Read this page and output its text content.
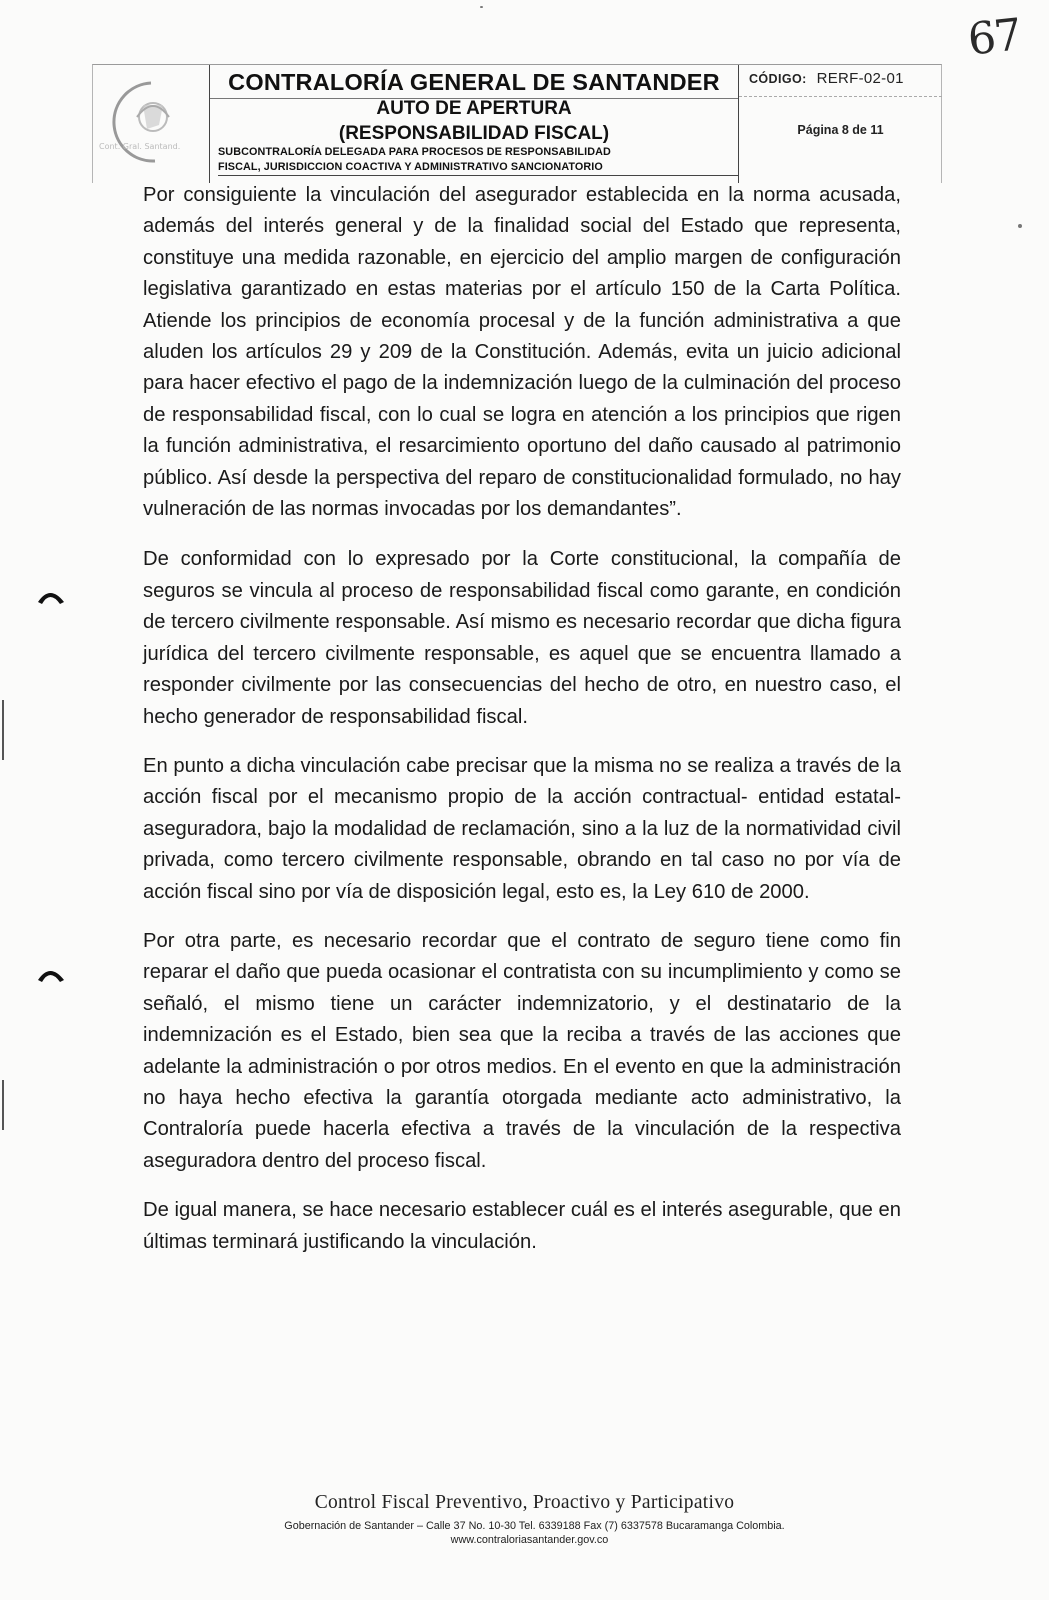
67
Cont. Gral. Santand.
CONTRALORÍA GENERAL DE SANTANDER
AUTO DE APERTURA
(RESPONSABILIDAD FISCAL)
SUBCONTRALORÍA DELEGADA PARA PROCESOS DE RESPONSABILIDAD
FISCAL, JURISDICCION COACTIVA Y ADMINISTRATIVO SANCIONATORIO
CÓDIGO: RERF-02-01
Página 8 de 11

Por consiguiente la vinculación del asegurador establecida en la norma acusada, además del interés general y de la finalidad social del Estado que representa, constituye una medida razonable, en ejercicio del amplio margen de configuración legislativa garantizado en estas materias por el artículo 150 de la Carta Política. Atiende los principios de economía procesal y de la función administrativa a que aluden los artículos 29 y 209 de la Constitución. Además, evita un juicio adicional para hacer efectivo el pago de la indemnización luego de la culminación del proceso de responsabilidad fiscal, con lo cual se logra en atención a los principios que rigen la función administrativa, el resarcimiento oportuno del daño causado al patrimonio público. Así desde la perspectiva del reparo de constitucionalidad formulado, no hay vulneración de las normas invocadas por los demandantes”.

De conformidad con lo expresado por la Corte constitucional, la compañía de seguros se vincula al proceso de responsabilidad fiscal como garante, en condición de tercero civilmente responsable. Así mismo es necesario recordar que dicha figura jurídica del tercero civilmente responsable, es aquel que se encuentra llamado a responder civilmente por las consecuencias del hecho de otro, en nuestro caso, el hecho generador de responsabilidad fiscal.

En punto a dicha vinculación cabe precisar que la misma no se realiza a través de la acción fiscal por el mecanismo propio de la acción contractual- entidad estatal- aseguradora, bajo la modalidad de reclamación, sino a la luz de la normatividad civil privada, como tercero civilmente responsable, obrando en tal caso no por vía de acción fiscal sino por vía de disposición legal, esto es, la Ley 610 de 2000.

Por otra parte, es necesario recordar que el contrato de seguro tiene como fin reparar el daño que pueda ocasionar el contratista con su incumplimiento y como se señaló, el mismo tiene un carácter indemnizatorio, y el destinatario de la indemnización es el Estado, bien sea que la reciba a través de las acciones que adelante la administración o por otros medios. En el evento en que la administración no haya hecho efectiva la garantía otorgada mediante acto administrativo, la Contraloría puede hacerla efectiva a través de la vinculación de la respectiva aseguradora dentro del proceso fiscal.

De igual manera, se hace necesario establecer cuál es el interés asegurable, que en últimas terminará justificando la vinculación.

Control Fiscal Preventivo, Proactivo y Participativo
Gobernación de Santander – Calle 37 No. 10-30 Tel. 6339188 Fax (7) 6337578 Bucaramanga Colombia.
www.contraloriasantander.gov.co
